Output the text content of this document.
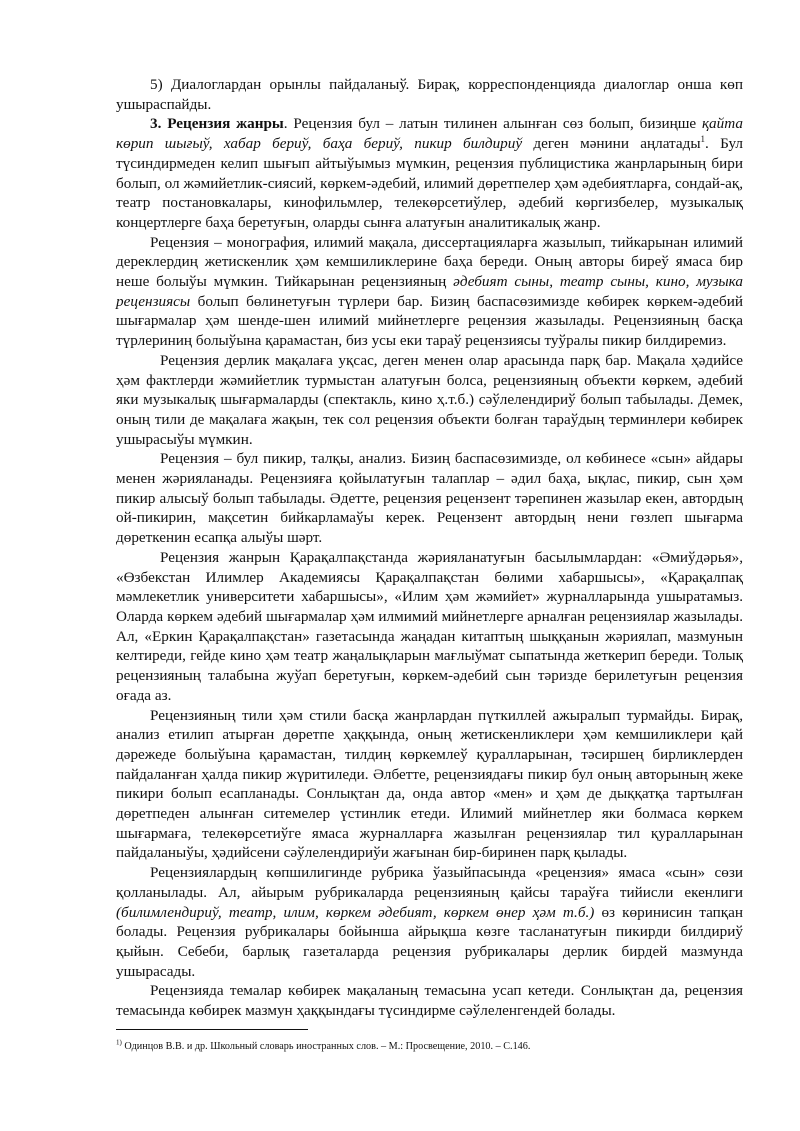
5) Диалоглардан орынлы пайдаланыў. Бирақ, корреспонденцияда диалоглар онша көп ушыраспайды.

3. Рецензия жанры. Рецензия бул – латын тилинен алынған сөз болып, бизиңше қайта көрип шығыў, хабар бериў, баҳа бериў, пикир билдириў деген мәнини аңлатады$^1$. Бул түсиндирмеден келип шығып айтыўымыз мүмкин, рецензия публицистика жанрларының бири болып, ол жәмийетлик-сиясий, көркем-әдебий, илимий дөретпелер ҳәм әдебиятларға, сондай-ақ, театр постановкалары, кинофильмлер, телекөрсетиўлер, әдебий көргизбелер, музыкалық концертлерге баҳа беретуғын, оларды сынға алатуғын аналитикалық жанр.

Рецензия – монография, илимий мақала, диссертацияларға жазылып, тийкарынан илимий дереклердиң жетискенлик ҳәм кемшиликлерине баҳа береди. Оның авторы биреў ямаса бир неше болыўы мүмкин. Тийкарынан рецензияның әдебият сыны, театр сыны, кино, музыка рецензиясы болып бөлинетуғын түрлери бар. Бизиң баспасөзимизде көбирек көркем-әдебий шығармалар ҳәм шенде-шен илимий мийнетлерге рецензия жазылады. Рецензияның басқа түрлериниң болыўына қарамастан, биз усы еки тараў рецензиясы туўралы пикир билдиремиз.

Рецензия дерлик мақалаға уқсас, деген менен олар арасында парқ бар. Мақала ҳәдийсе ҳәм фактлерди жәмийетлик турмыстан алатуғын болса, рецензияның объекти көркем, әдебий яки музыкалық шығармаларды (спектакль, кино ҳ.т.б.) сәўлелендириў болып табылады. Демек, оның тили де мақалаға жақын, тек сол рецензия объекти болған тараўдың терминлери көбирек ушырасыўы мүмкин.

Рецензия – бул пикир, талқы, анализ. Бизиң баспасөзимизде, ол көбинесе «сын» айдары менен жәрияланады. Рецензияға қойылатуғын талаплар – әдил баҳа, ықлас, пикир, сын ҳәм пикир алысыў болып табылады. Әдетте, рецензия рецензент тәрепинен жазылар екен, автордың ой-пикирин, мақсетин бийкарламаўы керек. Рецензент автордың нени гөзлеп шығарма дөреткенин есапқа алыўы шәрт.

Рецензия жанрын Қарақалпақстанда жәрияланатуғын басылымлардан: «Әмиўдәрья», «Өзбекстан Илимлер Академиясы Қарақалпақстан бөлими хабаршысы», «Қарақалпақ мәмлекетлик университети хабаршысы», «Илим ҳәм жәмийет» журналларында ушыратамыз. Оларда көркем әдебий шығармалар ҳәм илмимий мийнетлерге арналған рецензиялар жазылады. Ал, «Еркин Қарақалпақстан» газетасында жаңадан китаптың шыққанын жәриялап, мазмунын келтиреди, гейде кино ҳәм театр жаңалықларын мағлыўмат сыпатында жеткерип береди. Толық рецензияның талабына жуўап беретуғын, көркем-әдебий сын тәризде берилетуғын рецензия оғада аз.

Рецензияның тили ҳәм стили басқа жанрлардан пүткиллей ажыралып турмайды. Бирақ, анализ етилип атырған дөретпе ҳаққында, оның жетискенликлери ҳәм кемшиликлери қай дәрежеде болыўына қарамастан, тилдиң көркемлеў қуралларынан, тәсиршең бирликлерден пайдаланған ҳалда пикир жүритиледи. Әлбетте, рецензиядағы пикир бул оның авторының жеке пикири болып есапланады. Сонлықтан да, онда автор «мен» и ҳәм де дыққатқа тартылған дөретпеден алынған ситемелер үстинлик етеди. Илимий мийнетлер яки болмаса көркем шығармаға, телекөрсетиўге ямаса журналларға жазылған рецензиялар тил қуралларынан пайдаланыўы, ҳәдийсени сәўлелендириўи жағынан бир-биринен парқ қылады.

Рецензиялардың көпшилигинде рубрика ўазыйпасында «рецензия» ямаса «сын» сөзи қолланылады. Ал, айырым рубрикаларда рецензияның қайсы тараўға тийисли екенлиги (билимлендириў, театр, илим, көркем әдебият, көркем өнер ҳәм т.б.) өз көринисин тапқан болады. Рецензия рубрикалары бойынша айрықша көзге тасланатуғын пикирди билдириў қыйын. Себеби, барлық газеталарда рецензия рубрикалары дерлик бирдей мазмунда ушырасады.

Рецензияда темалар көбирек мақаланың темасына усап кетеди. Сонлықтан да, рецензия темасында көбирек мазмун ҳаққындағы түсиндирме сәўлеленгендей болады.

$^{1)}$ Одинцов В.В. и др. Школьный словарь иностранных слов. – М.: Просвещение, 2010. – С.146.
